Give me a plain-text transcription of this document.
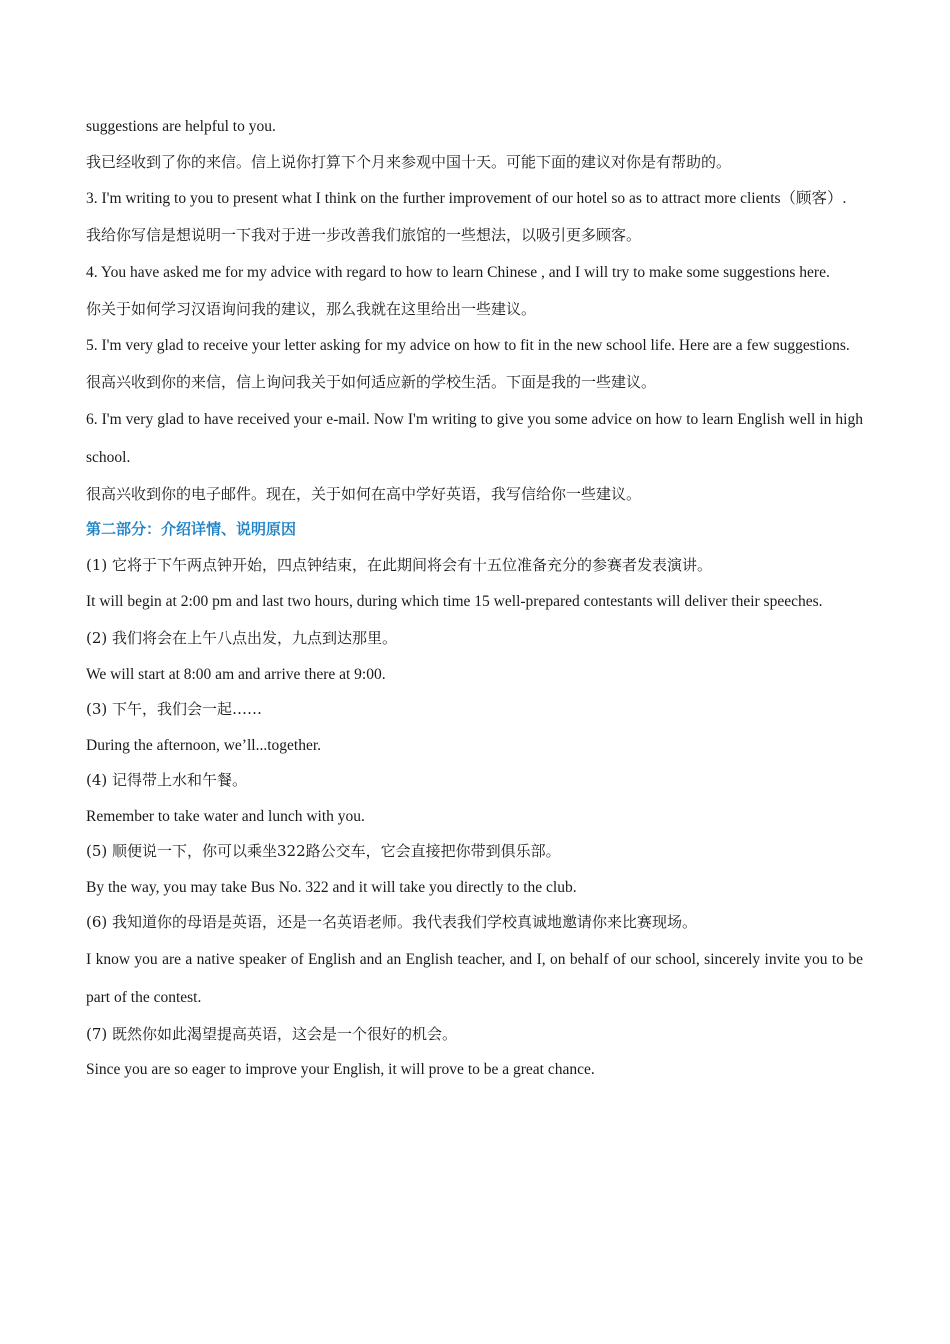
suggestions are helpful to you.

我已经收到了你的来信。信上说你打算下个月来参观中国十天。可能下面的建议对你是有帮助的。

3. I'm writing to you to present what I think on the further improvement of our hotel so as to attract more clients（顾客）.

我给你写信是想说明一下我对于进一步改善我们旅馆的一些想法，以吸引更多顾客。

4. You have asked me for my advice with regard to how to learn Chinese , and I will try to make some suggestions here.

你关于如何学习汉语询问我的建议，那么我就在这里给出一些建议。

5. I'm very glad to receive your letter asking for my advice on how to fit in the new school life. Here are a few suggestions.

很高兴收到你的来信，信上询问我关于如何适应新的学校生活。下面是我的一些建议。

6. I'm very glad to have received your e-mail. Now I'm writing to give you some advice on how to learn English well in high school.

很高兴收到你的电子邮件。现在，关于如何在高中学好英语，我写信给你一些建议。

第二部分：介绍详情、说明原因

(1) 它将于下午两点钟开始，四点钟结束，在此期间将会有十五位准备充分的参赛者发表演讲。

It will begin at 2:00 pm and last two hours, during which time 15 well-prepared contestants will deliver their speeches.

(2) 我们将会在上午八点出发，九点到达那里。

We will start at 8:00 am and arrive there at 9:00.

(3) 下午，我们会一起……

During the afternoon, we’ll...together.

(4) 记得带上水和午餐。

Remember to take water and lunch with you.

(5) 顺便说一下，你可以乘坐322路公交车，它会直接把你带到俱乐部。

By the way, you may take Bus No. 322 and it will take you directly to the club.

(6) 我知道你的母语是英语，还是一名英语老师。我代表我们学校真诚地邀请你来比赛现场。

I know you are a native speaker of English and an English teacher, and I, on behalf of our school, sincerely invite you to be part of the contest.

(7) 既然你如此渴望提高英语，这会是一个很好的机会。

Since you are so eager to improve your English, it will prove to be a great chance.
